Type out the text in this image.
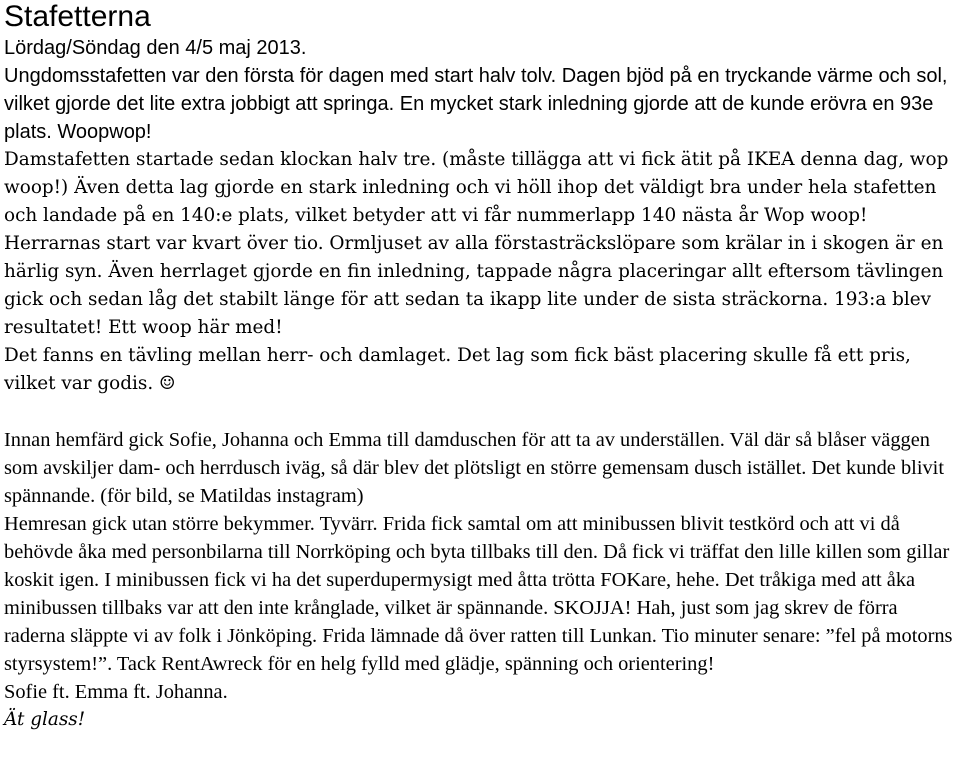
Stafetterna

Lördag/Söndag den 4/5 maj 2013.

Ungdomsstafetten var den första för dagen med start halv tolv. Dagen bjöd på en tryckande värme och sol, vilket gjorde det lite extra jobbigt att springa. En mycket stark inledning gjorde att de kunde erövra en 93e plats. Woopwop!

Damstafetten startade sedan klockan halv tre. (måste tillägga att vi fick ätit på IKEA denna dag, wop woop!) Även detta lag gjorde en stark inledning och vi höll ihop det väldigt bra under hela stafetten och landade på en 140:e plats, vilket betyder att vi får nummerlapp 140 nästa år Wop woop!

Herrarnas start var kvart över tio. Ormljuset av alla förstasträckslöpare som krälar in i skogen är en härlig syn. Även herrlaget gjorde en fin inledning, tappade några placeringar allt eftersom tävlingen gick och sedan låg det stabilt länge för att sedan ta ikapp lite under de sista sträckorna. 193:a blev resultatet! Ett woop här med!

Det fanns en tävling mellan herr- och damlaget. Det lag som fick bäst placering skulle få ett pris, vilket var godis. ☺

Innan hemfärd gick Sofie, Johanna och Emma till damduschen för att ta av underställen. Väl där så blåser väggen som avskiljer dam- och herrdusch iväg, så där blev det plötsligt en större gemensam dusch istället. Det kunde blivit spännande. (för bild, se Matildas instagram)

Hemresan gick utan större bekymmer. Tyvärr. Frida fick samtal om att minibussen blivit testkörd och att vi då behövde åka med personbilarna till Norrköping och byta tillbaks till den. Då fick vi träffat den lille killen som gillar koskit igen. I minibussen fick vi ha det superdupermysigt med åtta trötta FOKare, hehe. Det tråkiga med att åka minibussen tillbaks var att den inte krånglade, vilket är spännande. SKOJJA! Hah, just som jag skrev de förra raderna släppte vi av folk i Jönköping. Frida lämnade då över ratten till Lunkan. Tio minuter senare: ”fel på motorns styrsystem!”. Tack RentAwreck för en helg fylld med glädje, spänning och orientering!

Sofie ft. Emma ft. Johanna.

Ät glass!
